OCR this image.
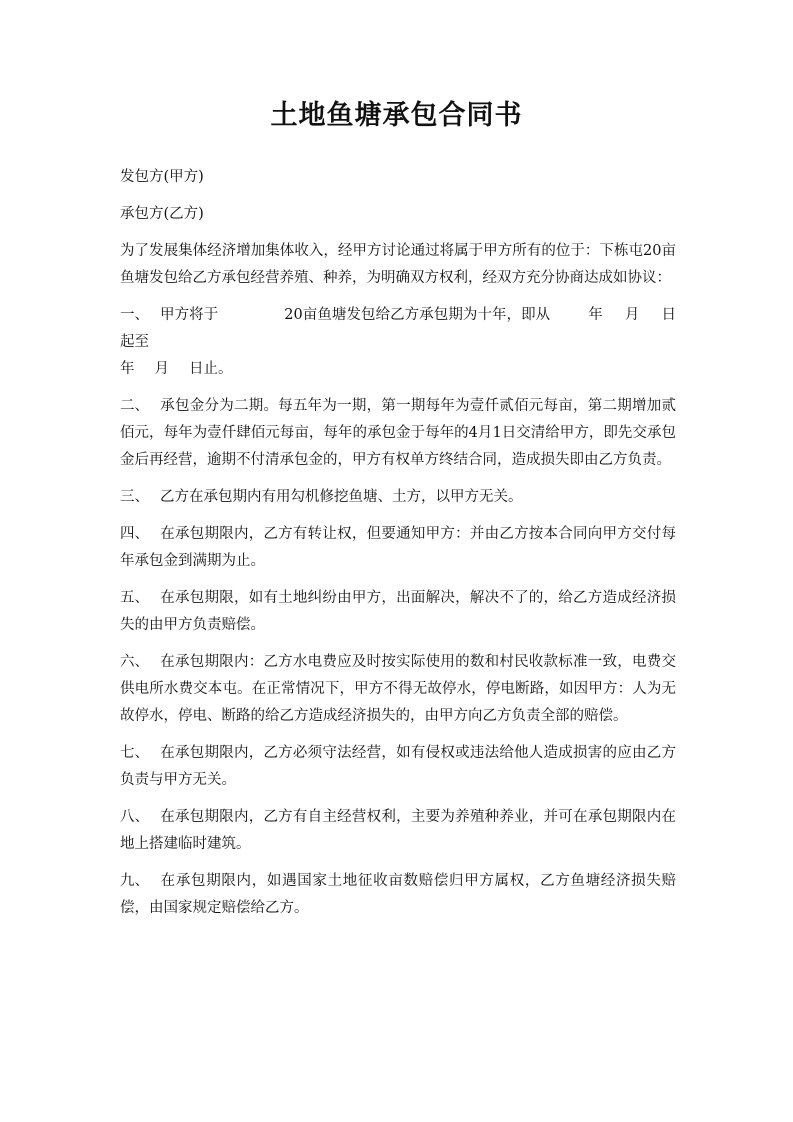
土地鱼塘承包合同书

发包方(甲方)

承包方(乙方)

为了发展集体经济增加集体收入，经甲方讨论通过将属于甲方所有的位于：下栋屯20亩鱼塘发包给乙方承包经营养殖、种养，为明确双方权利，经双方充分协商达成如协议：

一、 甲方将于	20亩鱼塘发包给乙方承包期为十年，即从	年 月 日起至
年 月 日止。

二、 承包金分为二期。每五年为一期，第一期每年为壹仟贰佰元每亩，第二期增加贰佰元，每年为壹仟肆佰元每亩，每年的承包金于每年的4月1日交清给甲方，即先交承包金后再经营，逾期不付清承包金的，甲方有权单方终结合同，造成损失即由乙方负责。

三、 乙方在承包期内有用勾机修挖鱼塘、土方，以甲方无关。

四、 在承包期限内，乙方有转让权，但要通知甲方：并由乙方按本合同向甲方交付每年承包金到满期为止。

五、 在承包期限，如有土地纠纷由甲方，出面解决，解决不了的，给乙方造成经济损失的由甲方负责赔偿。

六、 在承包期限内：乙方水电费应及时按实际使用的数和村民收款标准一致，电费交供电所水费交本屯。在正常情况下，甲方不得无故停水，停电断路，如因甲方：人为无故停水，停电、断路的给乙方造成经济损失的，由甲方向乙方负责全部的赔偿。

七、 在承包期限内，乙方必须守法经营，如有侵权或违法给他人造成损害的应由乙方负责与甲方无关。

八、 在承包期限内，乙方有自主经营权利，主要为养殖种养业，并可在承包期限内在地上搭建临时建筑。

九、 在承包期限内，如遇国家土地征收亩数赔偿归甲方属权，乙方鱼塘经济损失赔偿，由国家规定赔偿给乙方。
